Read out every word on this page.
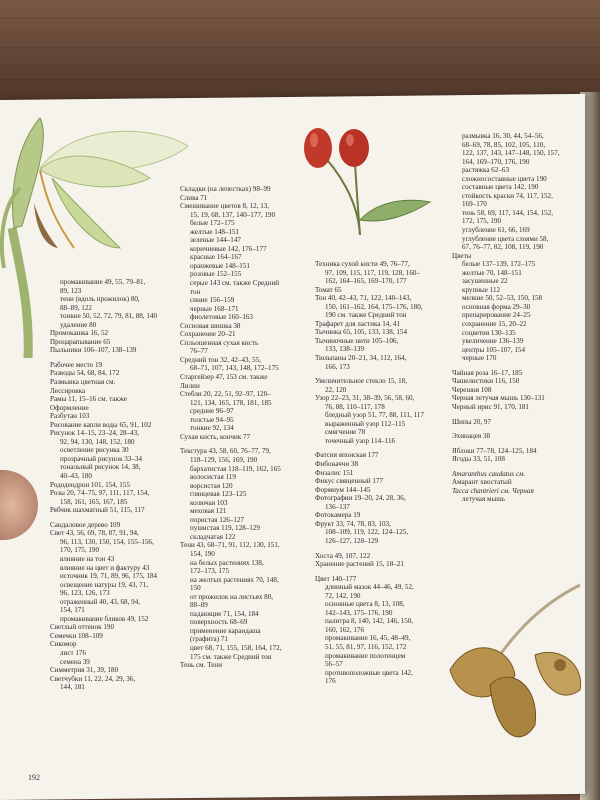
промакивание 49, 55, 79–81,
89, 123
тени (вдоль прожилок) 80,
88–89, 122
тонкие 50, 52, 72, 79, 81, 88, 140
удаление 80
Промокашка 16, 52
Процарапывание 65
Пыльники 106–107, 138–139
Рабочее место 19
Разводы 54, 68, 84, 172
Размывка цветная см.
Лессировка
Рамы 11, 15–16 см. также
Оформление
Разбутан 103
Рисование капли воды 65, 91, 102
Рисунок 14–15, 23–24, 28–43,
92, 94, 130, 148, 152, 180
осветление рисунка 30
прозрачный рисунок 33–34
тональный рисунок 14, 38,
40–43, 180
Рододендрон 101, 154, 155
Розы 20, 74–75, 97, 111, 117, 154,
158, 161, 165, 167, 185
Рябчик шахматный 51, 115, 117
Сандаловое дерево 109
Свет 43, 56, 69, 78, 87, 91, 94,
96, 113, 130, 150, 154, 155–156,
170, 175, 190
влияние на тон 43
влияние на цвет и фактуру 43
источник 19, 71, 89, 96, 175, 184
освещение натуры 19, 43, 71,
96, 123, 126, 173
отраженный 40, 43, 68, 94,
154, 171
промакивание бликов 49, 152
Светлый оттенок 190
Семечки 108–109
Сикомор
лист 176
семена 39
Симметрия 31, 39, 180
Светчубки 11, 22, 24, 29, 36,
144, 181
Складки (на лепестках) 98–99
Слива 71
Смешивание цветов 8, 12, 13,
15, 19, 68, 137, 140–177, 190
белые 172–175
желтые 148–151
зеленые 144–147
коричневые 142, 176–177
красные 164–167
оранжевые 148–151
розовые 152–155
серые 143 см. также Средний
тон
синие 156–159
черные 168–171
фиолетовые 160–163
Сосновая шишка 38
Сохранение 20–21
Спльошенная сухая кисть
76–77
Средний тон 32, 42–43, 55,
68–71, 107, 143, 148, 172–175
Старгейзер 47, 153 см. также
Лилии
Стебли 20, 22, 51, 92–97, 120–
121, 134, 165, 178, 181, 185
средние 96–97
толстые 94–95
тонкие 92, 134
Сухая кисть, кончик 77
Текстура 43, 58, 60, 76–77, 79,
118–129, 156, 169, 190
бархатистая 118–119, 162, 165
волосистая 119
ворсистая 120
глянцевая 123–125
колючая 103
меховая 121
пористая 126–127
пушистая 119, 128–129
складчатая 122
Тени 43, 68–71, 91, 112, 130, 151,
154, 190
на белых растениях 138,
172–173, 175
на желтых растениях 70, 148,
150
от прожилок на листьях 80,
88–89
падающие 71, 154, 184
поверхность 68–69
применение карандаша
(графита) 71
цвет 68, 71, 155, 158, 164, 172,
175 см. также Средний тон
Тень см. Тени
Техника сухой кисти 49, 76–77,
97, 109, 115, 117, 119, 128, 160–
162, 164–165, 169–170, 177
Томат 65
Тон 40, 42–43, 71, 122, 140–143,
150, 161–162, 164, 175–176, 180,
190 см. также Средний тон
Трафарет для ластика 14, 41
Тычинка 65, 105, 133, 138, 154
Тычиночные нити 105–106,
133, 138–139
Тюльпаны 20–21, 34, 112, 164,
166, 173
Увеличительное стекло 15, 18,
22, 120
Узор 22–23, 31, 38–39, 56, 58, 60,
76, 88, 110–117, 178
бледный узор 51, 77, 88, 111, 117
выраженный узор 112–115
смягчение 78
точечный узор 114–116
Фатсия японская 177
Фибоначчи 38
Физалис 151
Фикус священный 177
Формиум 144–145
Фотографии 19–20, 24, 28, 36,
136–137
Фотокамера 19
Фрукт 33, 74, 78, 83, 103,
108–109, 119, 122, 124–125,
126–127, 128–129
Хоста 49, 107, 122
Хранение растений 15, 18–21
Цвет 140–177
длинный мазок 44–46, 49, 52,
72, 142, 190
основные цвета 8, 13, 108,
142–143, 175–176, 190
палитра 8, 140, 142, 146, 150,
160, 162, 176
промакивание 16, 45, 48–49,
51, 55, 81, 97, 116, 152, 172
промакивание полотенцем
56–57
противоположные цвета 142,
176
размывка 16, 30, 44, 54–56,
68–69, 78, 85, 102, 105, 110,
122, 137, 143, 147–148, 150, 157,
164, 169–170, 176, 190
растяжка 62–63
сложносоставные цвета 190
составные цвета 142, 190
стойкость краски 74, 117, 152,
169–170
тень 58, 69, 117, 144, 154, 152,
172, 175, 190
углубление 61, 66, 169
углубление цвета слоями 58,
67, 76–77, 82, 108, 119, 190
Цветы
белые 137–139, 172–175
желтые 70, 148–151
засушенные 22
крупные 112
мелкие 50, 52–53, 150, 158
основная форма 29–30
препарирование 24–25
сохранение 15, 20–22
соцветия 130–135
увеличение 136–139
центры 105–107, 154
черные 170
Чайная роза 16–17, 185
Чашелистики 116, 150
Черешня 108
Черная летучая мышь 130–131
Черный ирис 91, 170, 181
Шипы 20, 97
Эхинацея 38
Яблоки 77–78, 124–125, 184
Ягоды 33, 51, 108
Amaranthus caudatus см.
Амарант хвостатый
Tacca chantrieri см. Черная
летучая мышь
192
